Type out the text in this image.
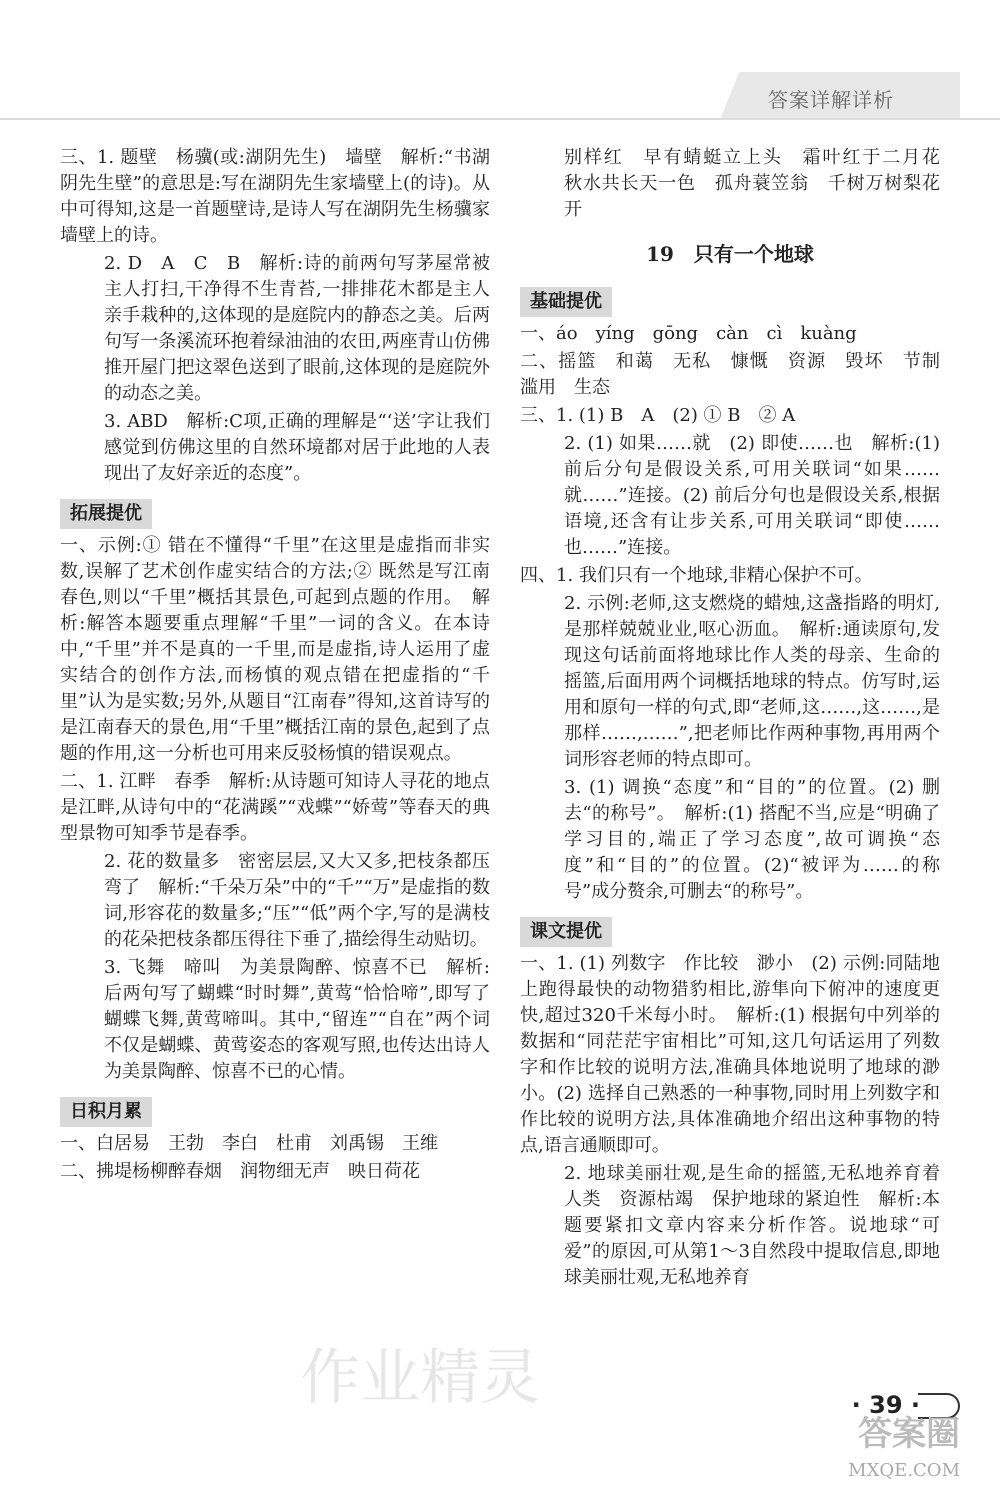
答案详解详析

三、1. 题壁　杨骥(或:湖阴先生)　墙壁　解析:“书湖阴先生壁”的意思是:写在湖阴先生家墙壁上(的诗)。从中可得知,这是一首题壁诗,是诗人写在湖阴先生杨骥家墙壁上的诗。

2. D　A　C　B　解析:诗的前两句写茅屋常被主人打扫,干净得不生青苔,一排排花木都是主人亲手栽种的,这体现的是庭院内的静态之美。后两句写一条溪流环抱着绿油油的农田,两座青山仿佛推开屋门把这翠色送到了眼前,这体现的是庭院外的动态之美。

3. ABD　解析:C项,正确的理解是“‘送’字让我们感觉到仿佛这里的自然环境都对居于此地的人表现出了友好亲近的态度”。

拓展提优

一、示例:① 错在不懂得“千里”在这里是虚指而非实数,误解了艺术创作虚实结合的方法;② 既然是写江南春色,则以“千里”概括其景色,可起到点题的作用。　解析:解答本题要重点理解“千里”一词的含义。在本诗中,“千里”并不是真的一千里,而是虚指,诗人运用了虚实结合的创作方法,而杨慎的观点错在把虚指的“千里”认为是实数;另外,从题目“江南春”得知,这首诗写的是江南春天的景色,用“千里”概括江南的景色,起到了点题的作用,这一分析也可用来反驳杨慎的错误观点。

二、1. 江畔　春季　解析:从诗题可知诗人寻花的地点是江畔,从诗句中的“花满蹊”“戏蝶”“娇莺”等春天的典型景物可知季节是春季。

2. 花的数量多　密密层层,又大又多,把枝条都压弯了　解析:“千朵万朵”中的“千”“万”是虚指的数词,形容花的数量多;“压”“低”两个字,写的是满枝的花朵把枝条都压得往下垂了,描绘得生动贴切。

3. 飞舞　啼叫　为美景陶醉、惊喜不已　解析:后两句写了蝴蝶“时时舞”,黄莺“恰恰啼”,即写了蝴蝶飞舞,黄莺啼叫。其中,“留连”“自在”两个词不仅是蝴蝶、黄莺姿态的客观写照,也传达出诗人为美景陶醉、惊喜不已的心情。

日积月累

一、白居易　王勃　李白　杜甫　刘禹锡　王维

二、拂堤杨柳醉春烟　润物细无声　映日荷花

别样红　早有蜻蜓立上头　霜叶红于二月花　秋水共长天一色　孤舟蓑笠翁　千树万树梨花开

19　只有一个地球
基础提优

一、áo　yíng　gōng　càn　cì　kuàng

二、摇篮　和蔼　无私　慷慨　资源　毁坏　节制　滥用　生态

三、1. (1) B　A　(2) ① B　② A

2. (1) 如果……就　(2) 即使……也　解析:(1) 前后分句是假设关系,可用关联词“如果……就……”连接。(2) 前后分句也是假设关系,根据语境,还含有让步关系,可用关联词“即使……也……”连接。

四、1. 我们只有一个地球,非精心保护不可。

2. 示例:老师,这支燃烧的蜡烛,这盏指路的明灯,是那样兢兢业业,呕心沥血。　解析:通读原句,发现这句话前面将地球比作人类的母亲、生命的摇篮,后面用两个词概括地球的特点。仿写时,运用和原句一样的句式,即“老师,这……,这……,是那样……,……”,把老师比作两种事物,再用两个词形容老师的特点即可。

3. (1) 调换“态度”和“目的”的位置。(2) 删去“的称号”。　解析:(1) 搭配不当,应是“明确了学习目的,端正了学习态度”,故可调换“态度”和“目的”的位置。(2)“被评为……的称号”成分赘余,可删去“的称号”。

课文提优

一、1. (1) 列数字　作比较　渺小　(2) 示例:同陆地上跑得最快的动物猎豹相比,游隼向下俯冲的速度更快,超过320千米每小时。　解析:(1) 根据句中列举的数据和“同茫茫宇宙相比”可知,这几句话运用了列数字和作比较的说明方法,准确具体地说明了地球的渺小。(2) 选择自己熟悉的一种事物,同时用上列数字和作比较的说明方法,具体准确地介绍出这种事物的特点,语言通顺即可。

2. 地球美丽壮观,是生命的摇篮,无私地养育着人类　资源枯竭　保护地球的紧迫性　解析:本题要紧扣文章内容来分析作答。说地球“可爱”的原因,可从第1～3自然段中提取信息,即地球美丽壮观,无私地养育

· 39 ·
作业精灵
答案圈
MXQE.COM
